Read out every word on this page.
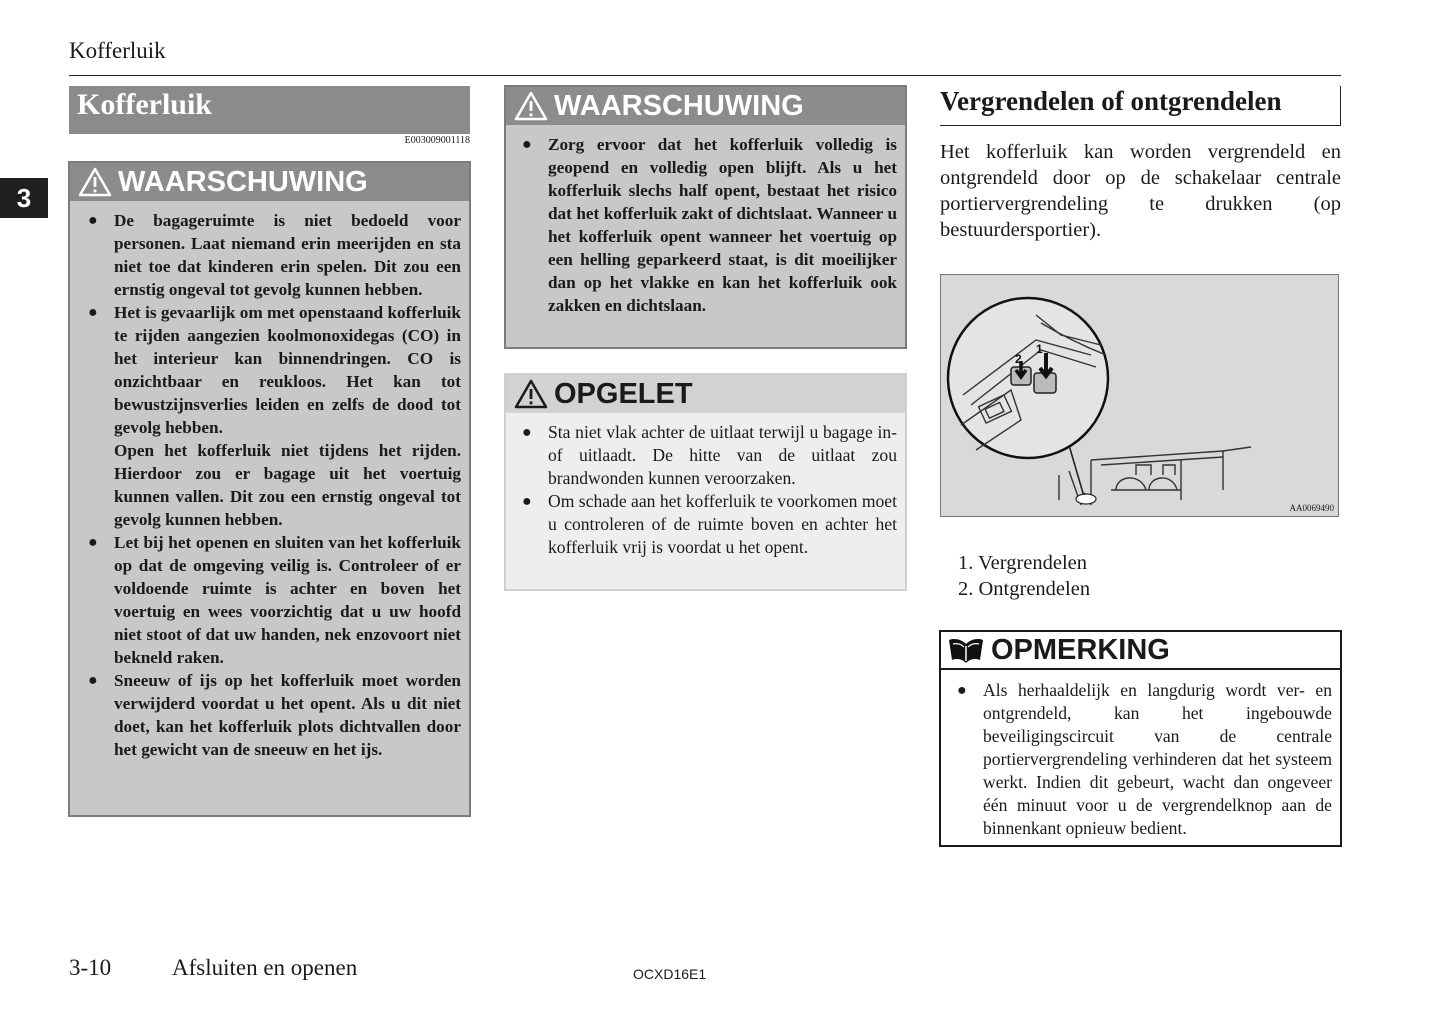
Kofferluik
3
Kofferluik
E003009001118
WAARSCHUWING
● De bagageruimte is niet bedoeld voor personen. Laat niemand erin meerijden en sta niet toe dat kinderen erin spelen. Dit zou een ernstig ongeval tot gevolg kunnen hebben.
● Het is gevaarlijk om met openstaand kofferluik te rijden aangezien koolmonoxidegas (CO) in het interieur kan binnendringen. CO is onzichtbaar en reukloos. Het kan tot bewustzijnsverlies leiden en zelfs de dood tot gevolg hebben.
Open het kofferluik niet tijdens het rijden. Hierdoor zou er bagage uit het voertuig kunnen vallen. Dit zou een ernstig ongeval tot gevolg kunnen hebben.
● Let bij het openen en sluiten van het kofferluik op dat de omgeving veilig is. Controleer of er voldoende ruimte is achter en boven het voertuig en wees voorzichtig dat u uw hoofd niet stoot of dat uw handen, nek enzovoort niet bekneld raken.
● Sneeuw of ijs op het kofferluik moet worden verwijderd voordat u het opent. Als u dit niet doet, kan het kofferluik plots dichtvallen door het gewicht van de sneeuw en het ijs.
WAARSCHUWING
● Zorg ervoor dat het kofferluik volledig is geopend en volledig open blijft. Als u het kofferluik slechs half opent, bestaat het risico dat het kofferluik zakt of dichtslaat. Wanneer u het kofferluik opent wanneer het voertuig op een helling geparkeerd staat, is dit moeilijker dan op het vlakke en kan het kofferluik ook zakken en dichtslaan.
OPGELET
● Sta niet vlak achter de uitlaat terwijl u bagage in- of uitlaadt. De hitte van de uitlaat zou brandwonden kunnen veroorzaken.
● Om schade aan het kofferluik te voorkomen moet u controleren of de ruimte boven en achter het kofferluik vrij is voordat u het opent.
Vergrendelen of ontgrendelen
Het kofferluik kan worden vergrendeld en ontgrendeld door op de schakelaar centrale portiervergrendeling te drukken (op bestuurdersportier).
2
1
AA0069490
1. Vergrendelen
2. Ontgrendelen
OPMERKING
● Als herhaaldelijk en langdurig wordt ver- en ontgrendeld, kan het ingebouwde beveiligingscircuit van de centrale portiervergrendeling verhinderen dat het systeem werkt. Indien dit gebeurt, wacht dan ongeveer één minuut voor u de vergrendelknop aan de binnenkant opnieuw bedient.
3-10	Afsluiten en openen	OCXD16E1
